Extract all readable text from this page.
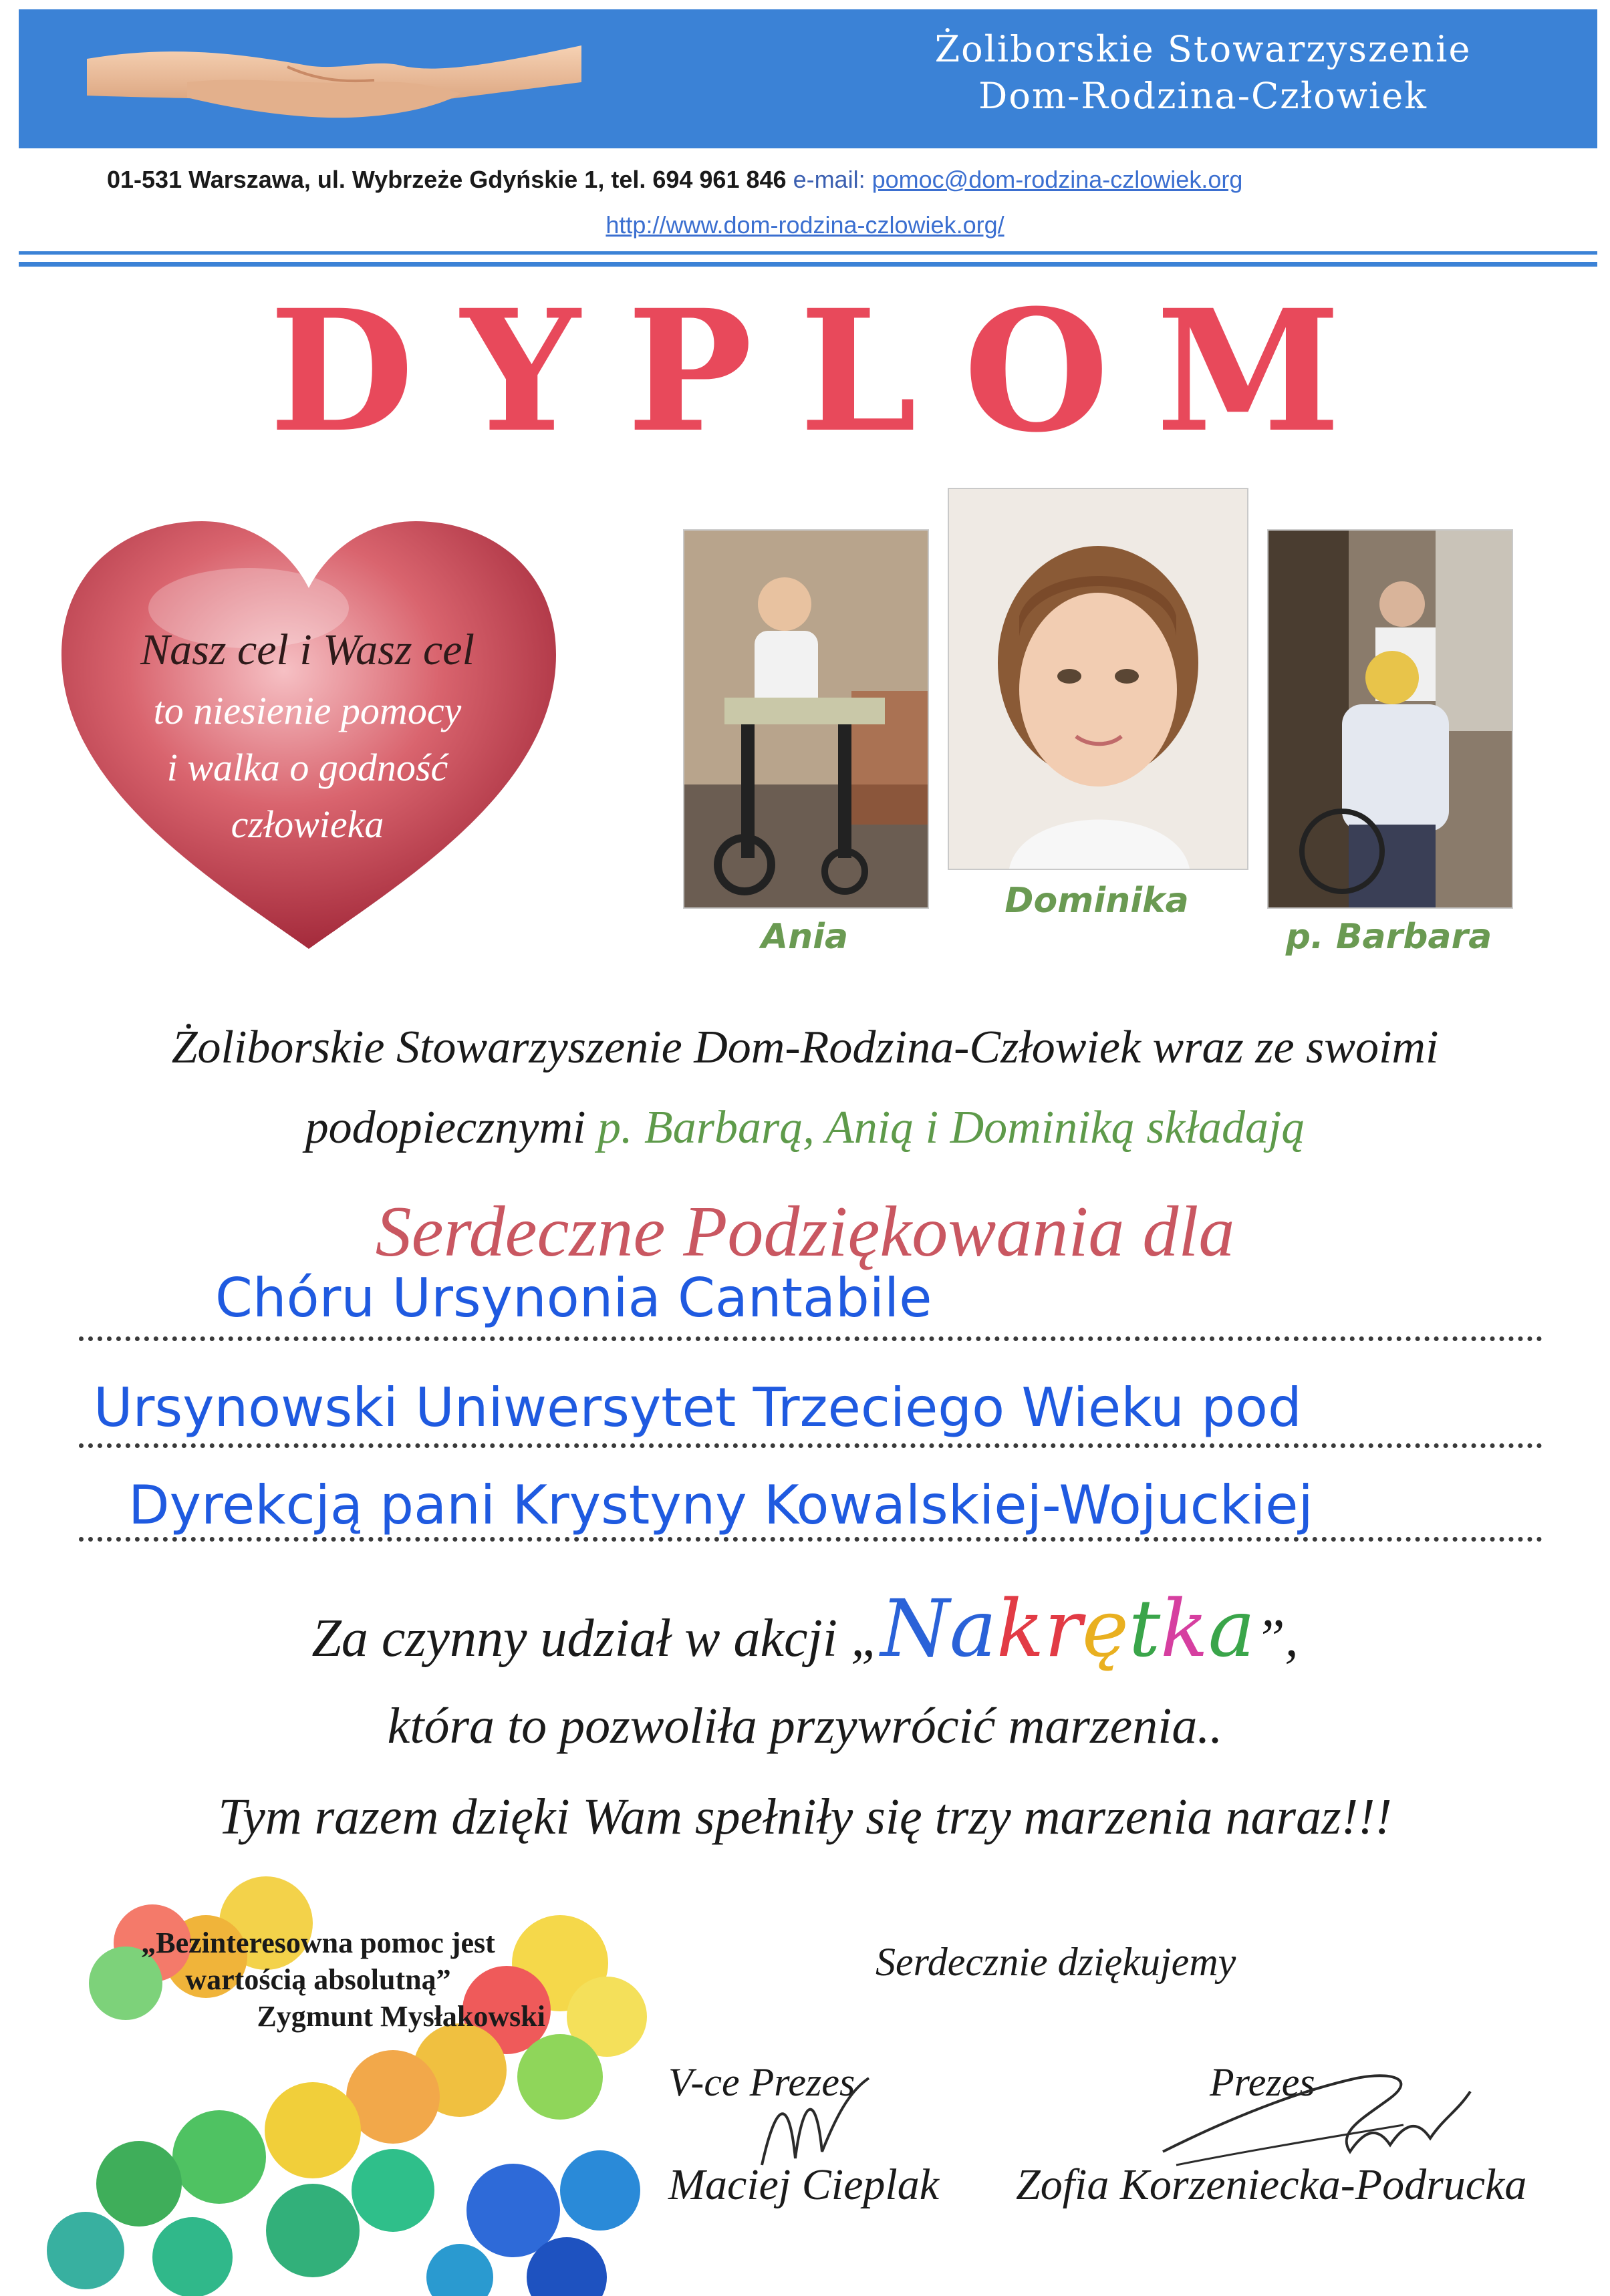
Żoliborskie Stowarzyszenie
Dom-Rodzina-Człowiek
01-531 Warszawa, ul. Wybrzeże Gdyńskie 1, tel. 694 961 846 e-mail: pomoc@dom-rodzina-czlowiek.org
http://www.dom-rodzina-czlowiek.org/
DYPLOM
Nasz cel i Wasz cel
to niesienie pomocy
i walka o godność
człowieka
Ania
Dominika
p. Barbara
Żoliborskie Stowarzyszenie Dom-Rodzina-Człowiek wraz ze swoimi
podopiecznymi p. Barbarą, Anią i Dominiką składają
Serdeczne Podziękowania dla
Chóru Ursynonia Cantabile
Ursynowski Uniwersytet Trzeciego Wieku pod
Dyrekcją pani Krystyny Kowalskiej-Wojuckiej
Za czynny udział w akcji „Nakrętka”,
która to pozwoliła przywrócić marzenia..
Tym razem dzięki Wam spełniły się trzy marzenia naraz!!!
„Bezinteresowna pomoc jest
wartością absolutną”
Zygmunt Mysłakowski
Serdecznie dziękujemy
V-ce Prezes	Prezes
Maciej Cieplak Zofia Korzeniecka-Podrucka
